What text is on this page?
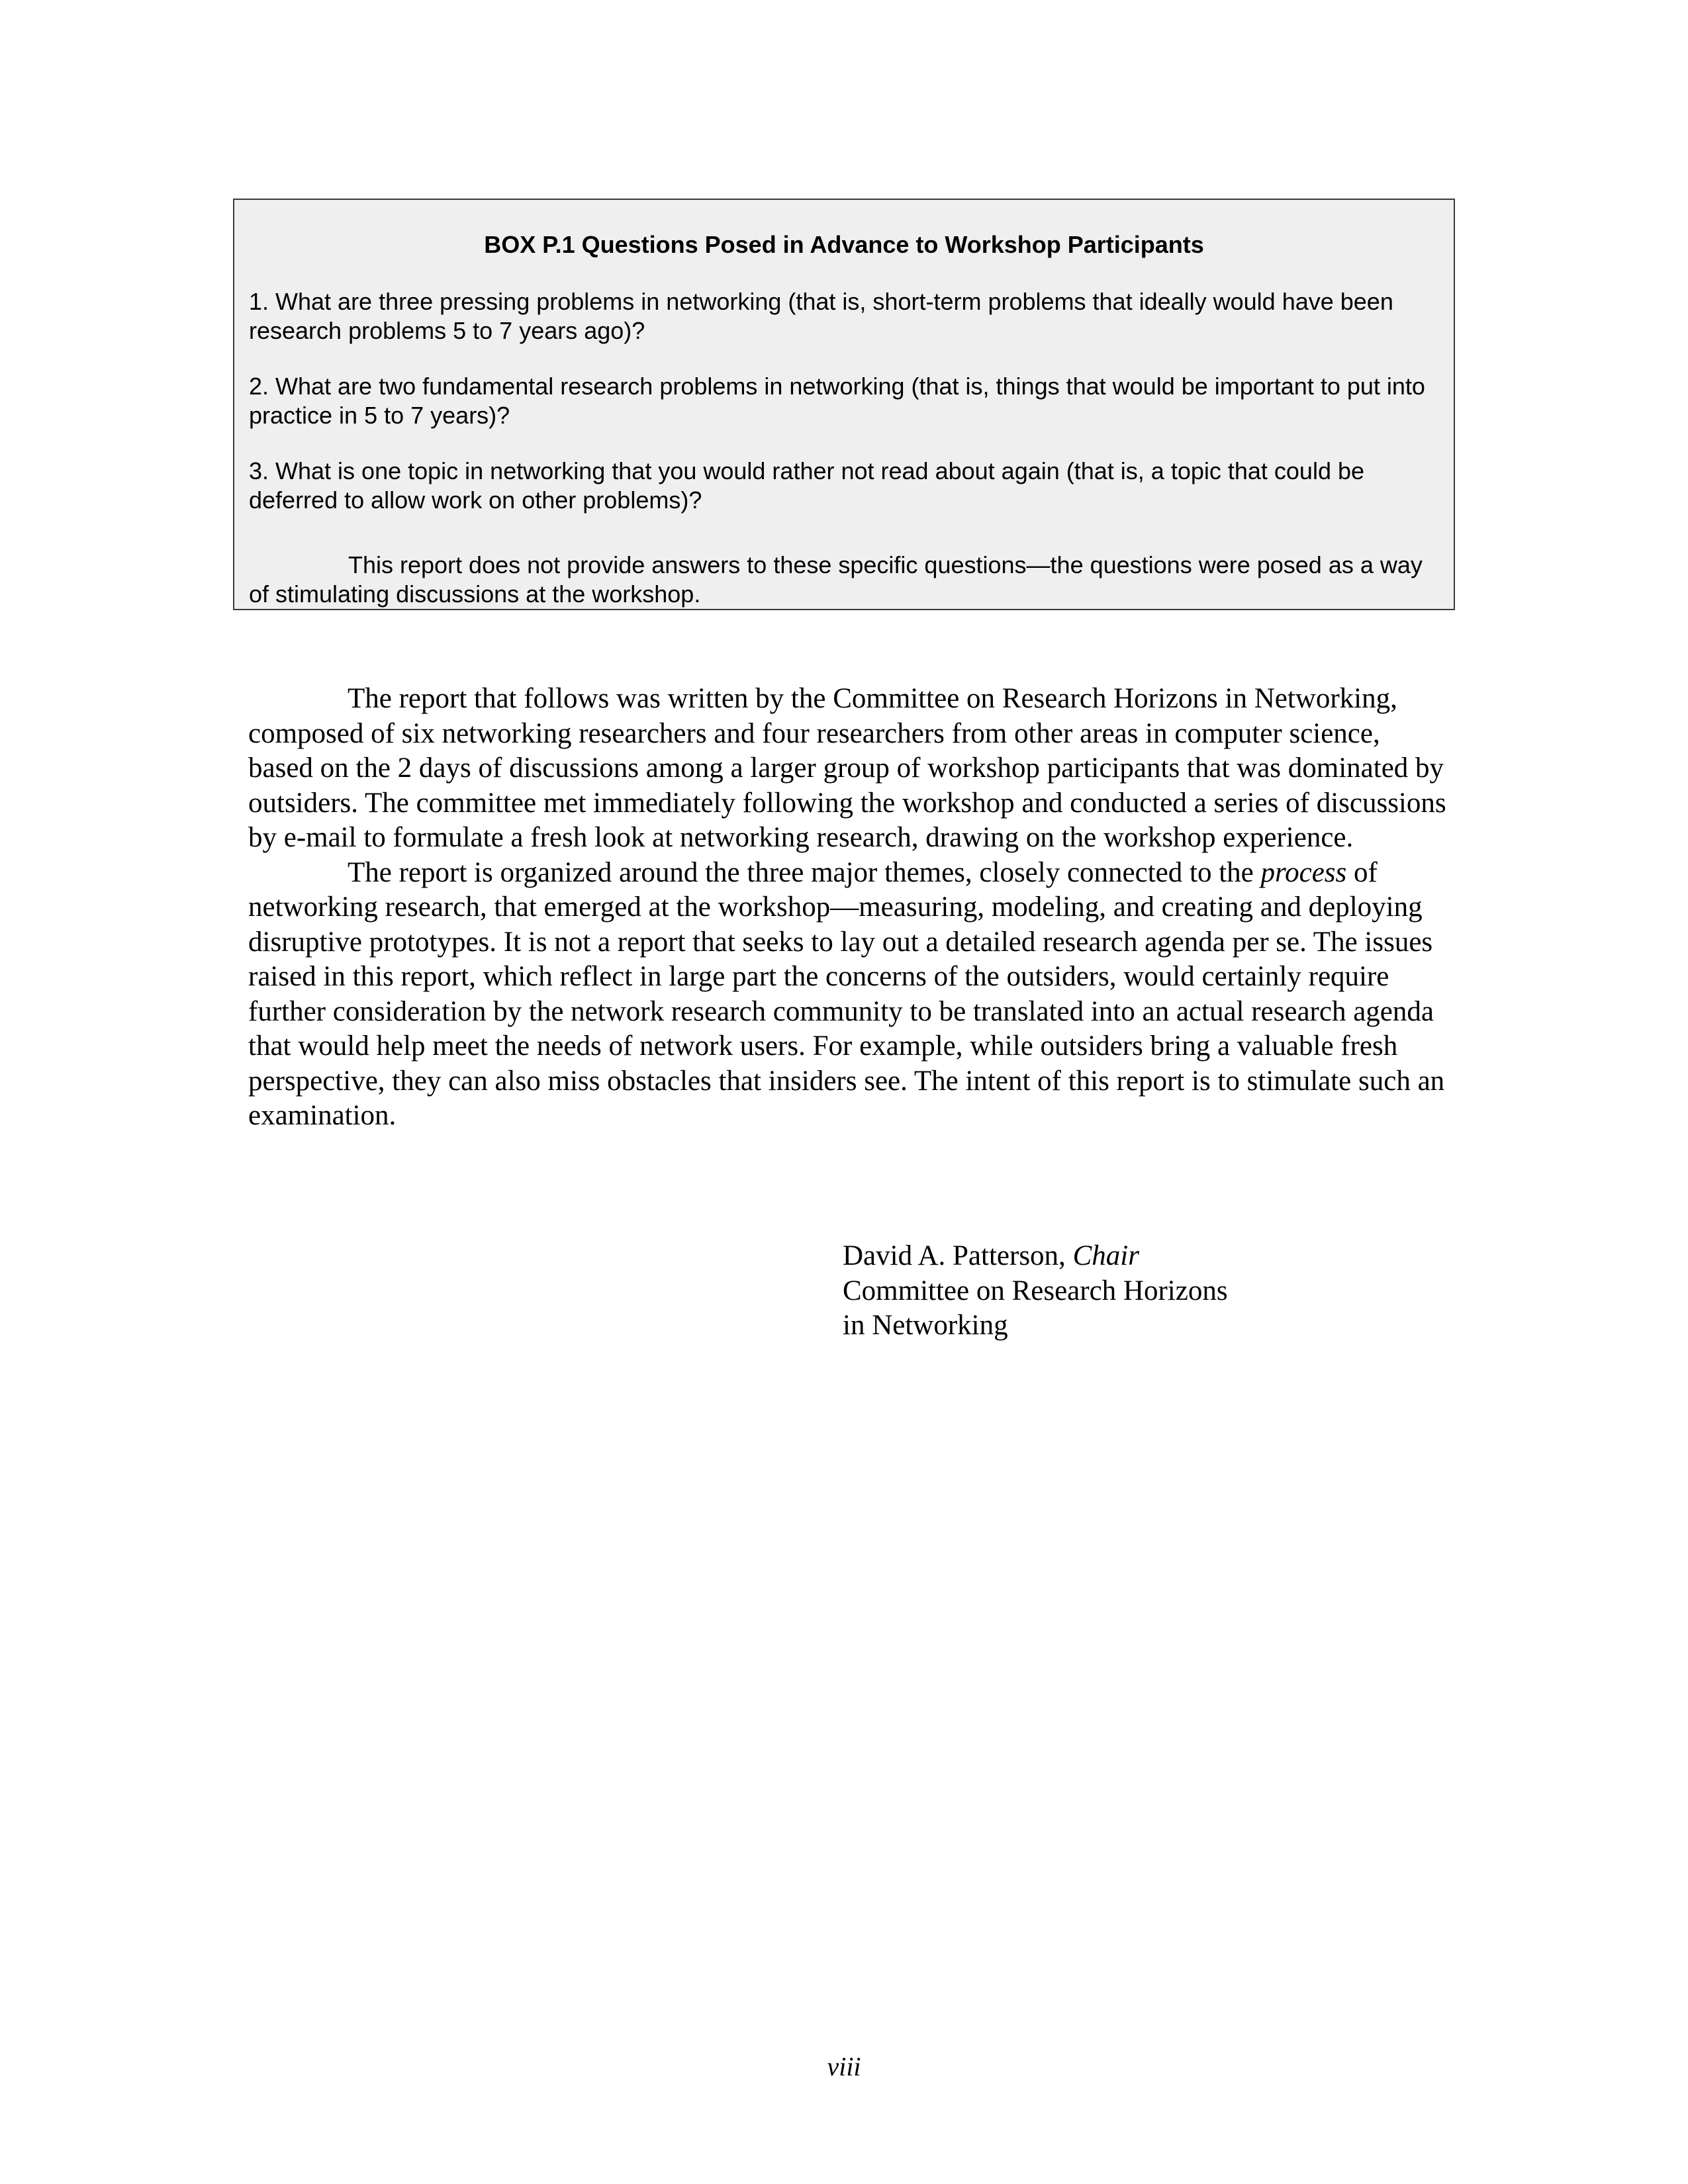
BOX P.1 Questions Posed in Advance to Workshop Participants

1. What are three pressing problems in networking (that is, short-term problems that ideally would have been research problems 5 to 7 years ago)?

2. What are two fundamental research problems in networking (that is, things that would be important to put into practice in 5 to 7 years)?

3. What is one topic in networking that you would rather not read about again (that is, a topic that could be deferred to allow work on other problems)?

This report does not provide answers to these specific questions—the questions were posed as a way of stimulating discussions at the workshop.

The report that follows was written by the Committee on Research Horizons in Networking, composed of six networking researchers and four researchers from other areas in computer science, based on the 2 days of discussions among a larger group of workshop participants that was dominated by outsiders. The committee met immediately following the workshop and conducted a series of discussions by e-mail to formulate a fresh look at networking research, drawing on the workshop experience.

The report is organized around the three major themes, closely connected to the process of networking research, that emerged at the workshop—measuring, modeling, and creating and deploying disruptive prototypes. It is not a report that seeks to lay out a detailed research agenda per se. The issues raised in this report, which reflect in large part the concerns of the outsiders, would certainly require further consideration by the network research community to be translated into an actual research agenda that would help meet the needs of network users. For example, while outsiders bring a valuable fresh perspective, they can also miss obstacles that insiders see. The intent of this report is to stimulate such an examination.

David A. Patterson, Chair
Committee on Research Horizons
in Networking
viii
